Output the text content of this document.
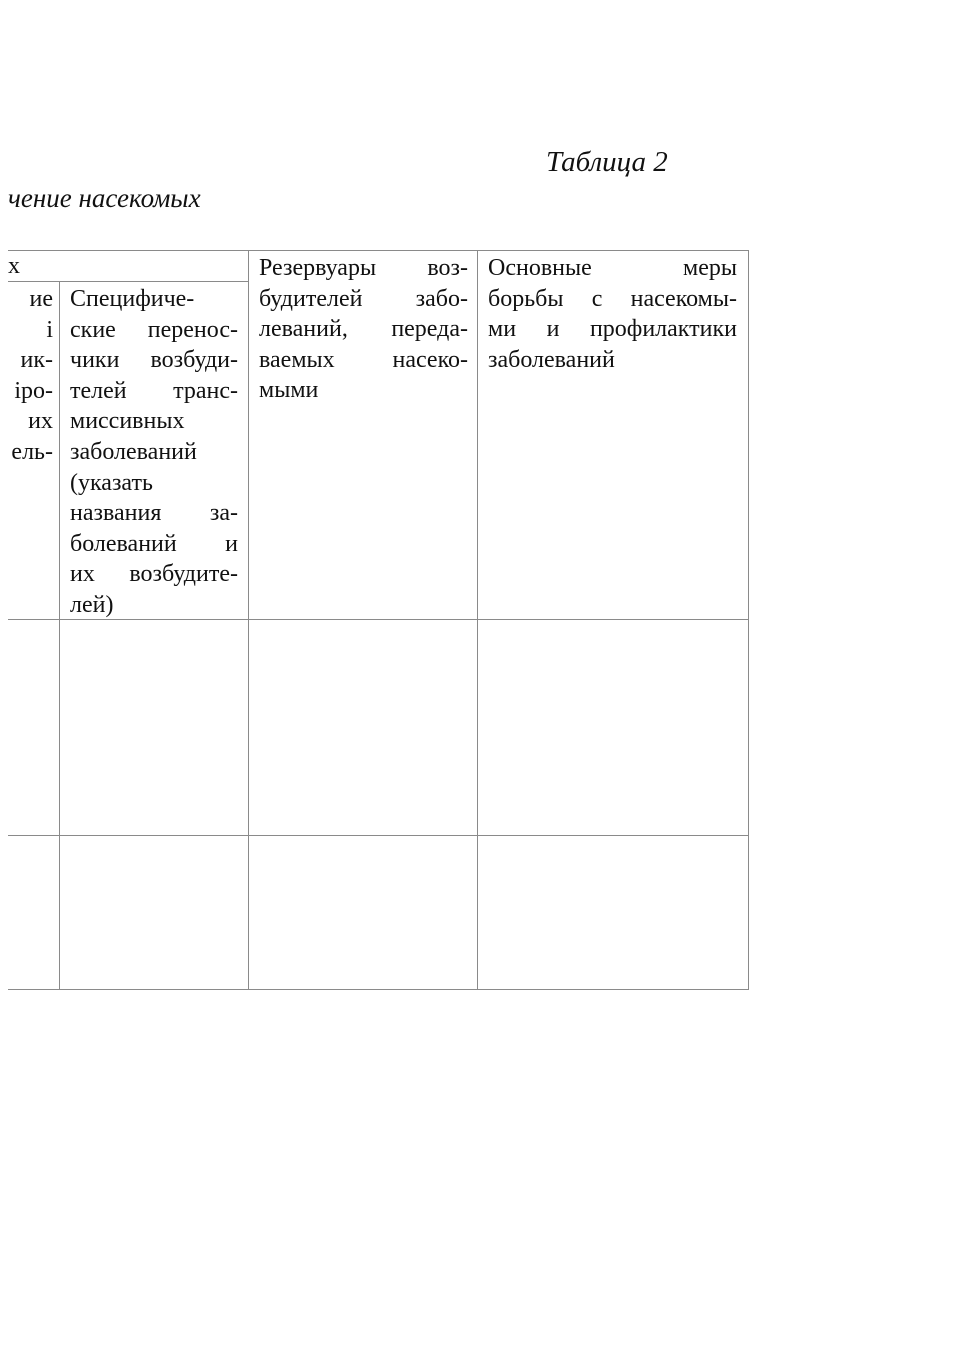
Таблица 2
чение насекомых
х
ие
і
ик-
іро-
их
ель-
Специфиче-
ские перенос-
чики возбуди-
телей транс-
миссивных
заболеваний
(указать
названия за-
болеваний и
их возбудите-
лей)
Резервуары воз-
будителей забо-
леваний, переда-
ваемых насеко-
мыми
Основные	меры
борьбы с насекомы-
ми и профилактики
заболеваний
